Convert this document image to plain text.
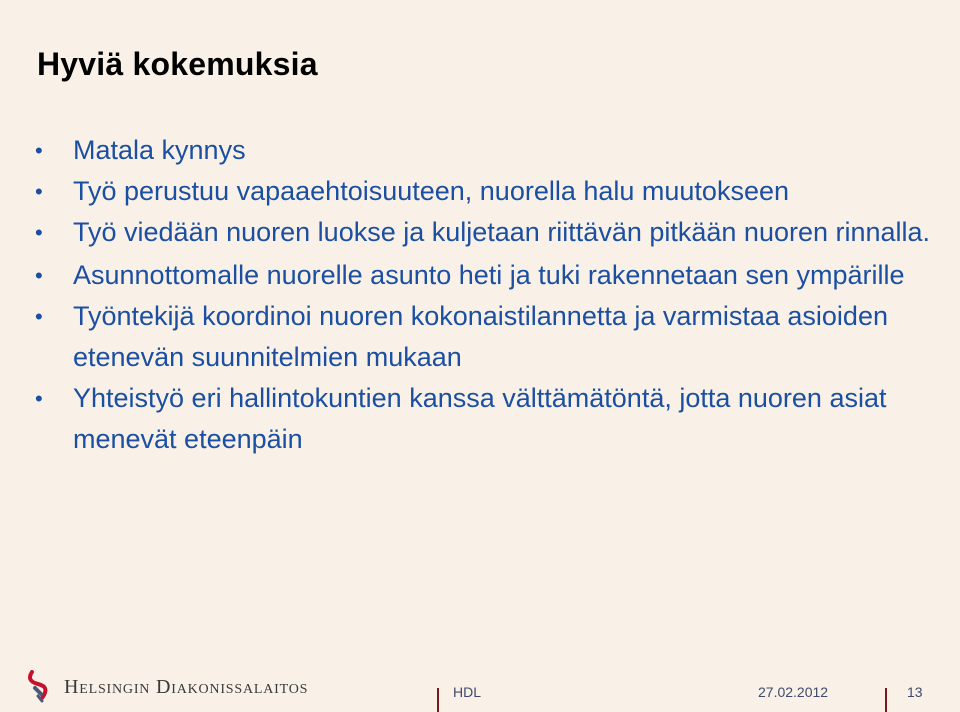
Hyviä kokemuksia
• Matala kynnys
• Työ perustuu vapaaehtoisuuteen, nuorella halu muutokseen
• Työ viedään nuoren luokse ja kuljetaan riittävän pitkään nuoren rinnalla.
• Asunnottomalle nuorelle asunto heti ja tuki rakennetaan sen ympärille
• Työntekijä koordinoi nuoren kokonaistilannetta ja varmistaa asioiden etenevän suunnitelmien mukaan
• Yhteistyö eri hallintokuntien kanssa välttämätöntä, jotta nuoren asiat menevät eteenpäin
Helsingin Diakonissalaitos	HDL	27.02.2012	13
